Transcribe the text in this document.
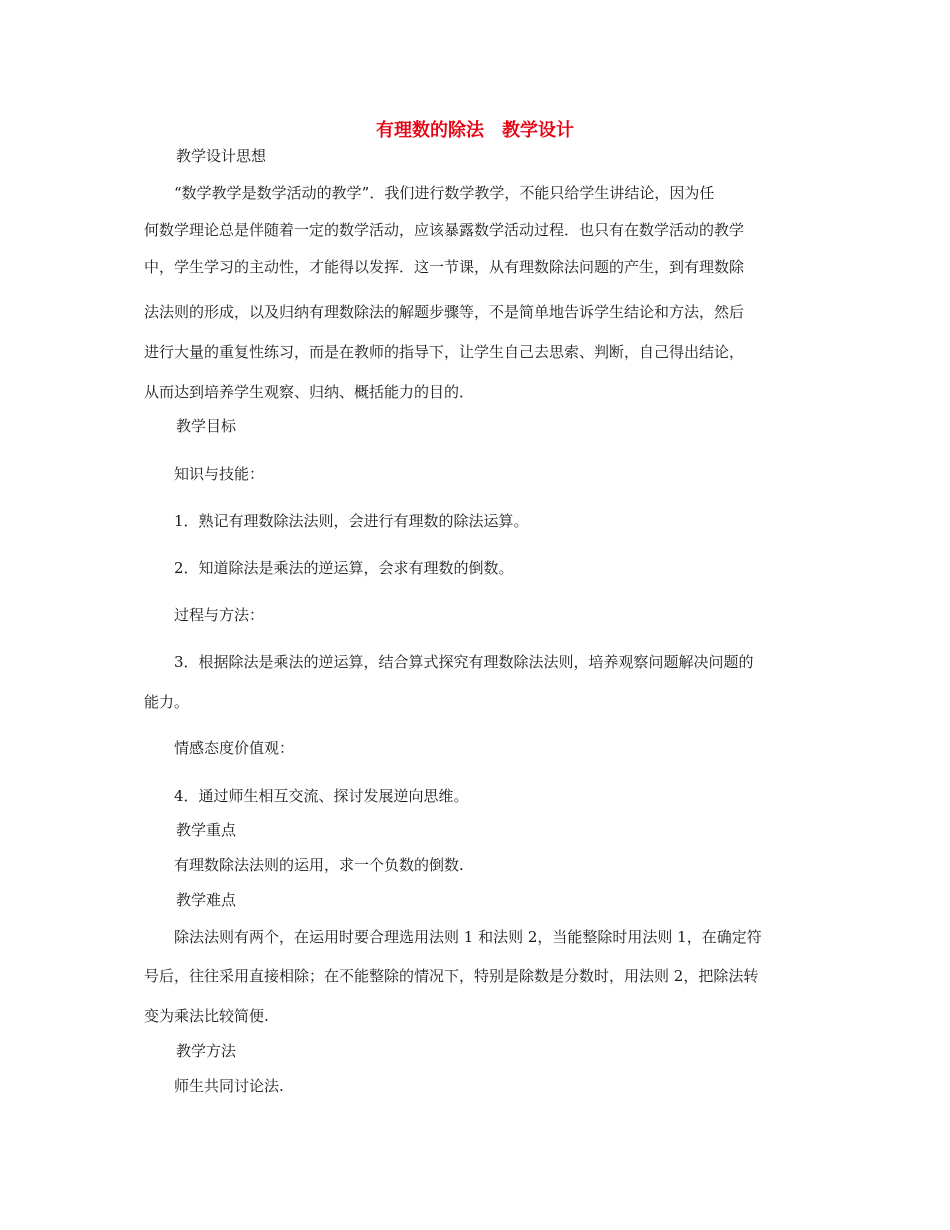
有理数的除法　教学设计
教学设计思想
“数学教学是数学活动的教学”．我们进行数学教学，不能只给学生讲结论，因为任
何数学理论总是伴随着一定的数学活动，应该暴露数学活动过程．也只有在数学活动的教学
中，学生学习的主动性，才能得以发挥．这一节课，从有理数除法问题的产生，到有理数除
法法则的形成，以及归纳有理数除法的解题步骤等，不是简单地告诉学生结论和方法，然后
进行大量的重复性练习，而是在教师的指导下，让学生自己去思索、判断，自己得出结论，
从而达到培养学生观察、归纳、概括能力的目的．
教学目标
知识与技能：
1．熟记有理数除法法则，会进行有理数的除法运算。
2．知道除法是乘法的逆运算，会求有理数的倒数。
过程与方法：
3．根据除法是乘法的逆运算，结合算式探究有理数除法法则，培养观察问题解决问题的
能力。
情感态度价值观：
4．通过师生相互交流、探讨发展逆向思维。
教学重点
有理数除法法则的运用，求一个负数的倒数.
教学难点
除法法则有两个，在运用时要合理选用法则 1 和法则 2，当能整除时用法则 1，在确定符
号后，往往采用直接相除；在不能整除的情况下，特别是除数是分数时，用法则 2，把除法转
变为乘法比较简便.
教学方法
师生共同讨论法.
